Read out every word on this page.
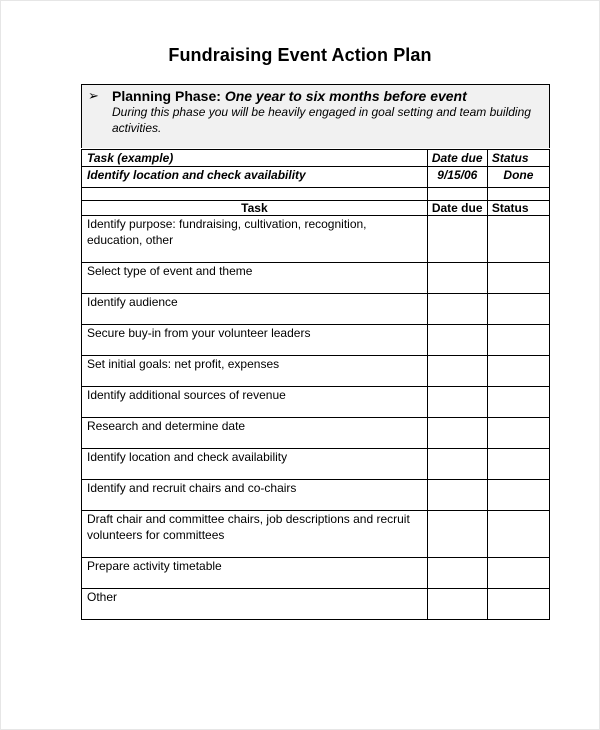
Fundraising Event Action Plan
➢ Planning Phase: One year to six months before event
During this phase you will be heavily engaged in goal setting and team building activities.
Task (example)	Date due	Status
Identify location and check availability	9/15/06	Done

Task	Date due	Status
Identify purpose: fundraising, cultivation, recognition, education, other		
Select type of event and theme		
Identify audience		
Secure buy-in from your volunteer leaders		
Set initial goals: net profit, expenses		
Identify additional sources of revenue		
Research and determine date		
Identify location and check availability		
Identify and recruit chairs and co-chairs		
Draft chair and committee chairs, job descriptions and recruit volunteers for committees		
Prepare activity timetable		
Other		
